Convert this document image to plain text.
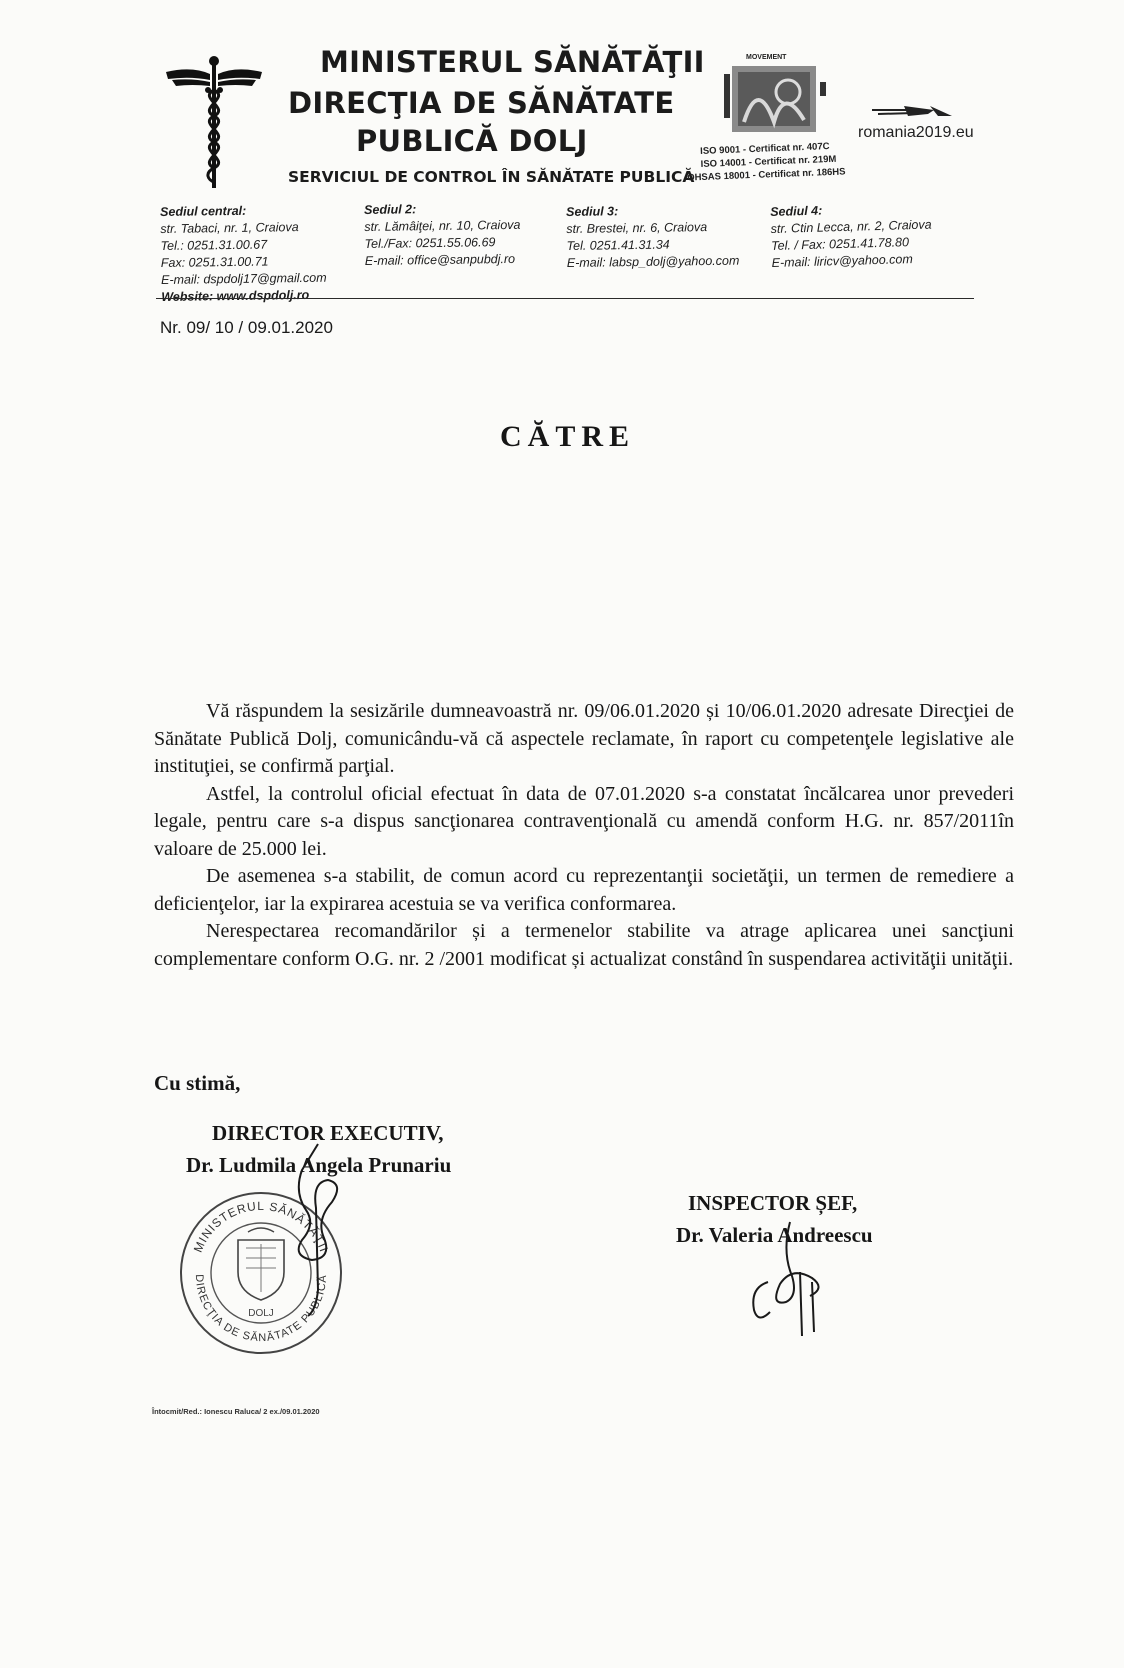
MINISTERUL SĂNĂTĂŢII
DIRECŢIA DE SĂNĂTATE
PUBLICĂ DOLJ
SERVICIUL DE CONTROL ÎN SĂNĂTATE PUBLICĂ
MOVEMENT
ISO 9001 - Certificat nr. 407C
ISO 14001 - Certificat nr. 219M
OHSAS 18001 - Certificat nr. 186HS
romania2019.eu
Sediul central:
str. Tabaci, nr. 1, Craiova
Tel.: 0251.31.00.67
Fax: 0251.31.00.71
E-mail: dspdolj17@gmail.com
Website: www.dspdolj.ro
Sediul 2:
str. Lămâiţei, nr. 10, Craiova
Tel./Fax: 0251.55.06.69
E-mail: office@sanpubdj.ro
Sediul 3:
str. Brestei, nr. 6, Craiova
Tel. 0251.41.31.34
E-mail: labsp_dolj@yahoo.com
Sediul 4:
str. Ctin Lecca, nr. 2, Craiova
Tel. / Fax: 0251.41.78.80
E-mail: liricv@yahoo.com
Nr. 09/ 10 / 09.01.2020
CĂTRE

Vă răspundem la sesizările dumneavoastră nr. 09/06.01.2020 și 10/06.01.2020 adresate Direcţiei de Sănătate Publică Dolj, comunicându-vă că aspectele reclamate, în raport cu competenţele legislative ale instituţiei, se confirmă parţial.

Astfel, la controlul oficial efectuat în data de 07.01.2020 s-a constatat încălcarea unor prevederi legale, pentru care s-a dispus sancţionarea contravenţională cu amendă conform H.G. nr. 857/2011în valoare de 25.000 lei.

De asemenea s-a stabilit, de comun acord cu reprezentanţii societăţii, un termen de remediere a deficienţelor, iar la expirarea acestuia se va verifica conformarea.

Nerespectarea recomandărilor și a termenelor stabilite va atrage aplicarea unei sancţiuni complementare conform O.G. nr. 2 /2001 modificat și actualizat constând în suspendarea activităţii unităţii.

Cu stimă,
DIRECTOR EXECUTIV,
Dr. Ludmila Angela Prunariu
MINISTERUL SĂNĂTĂŢII
DIRECŢIA DE SĂNĂTATE PUBLICĂ
DOLJ
INSPECTOR ȘEF,
Dr. Valeria Andreescu
Întocmit/Red.: Ionescu Raluca/ 2 ex./09.01.2020
